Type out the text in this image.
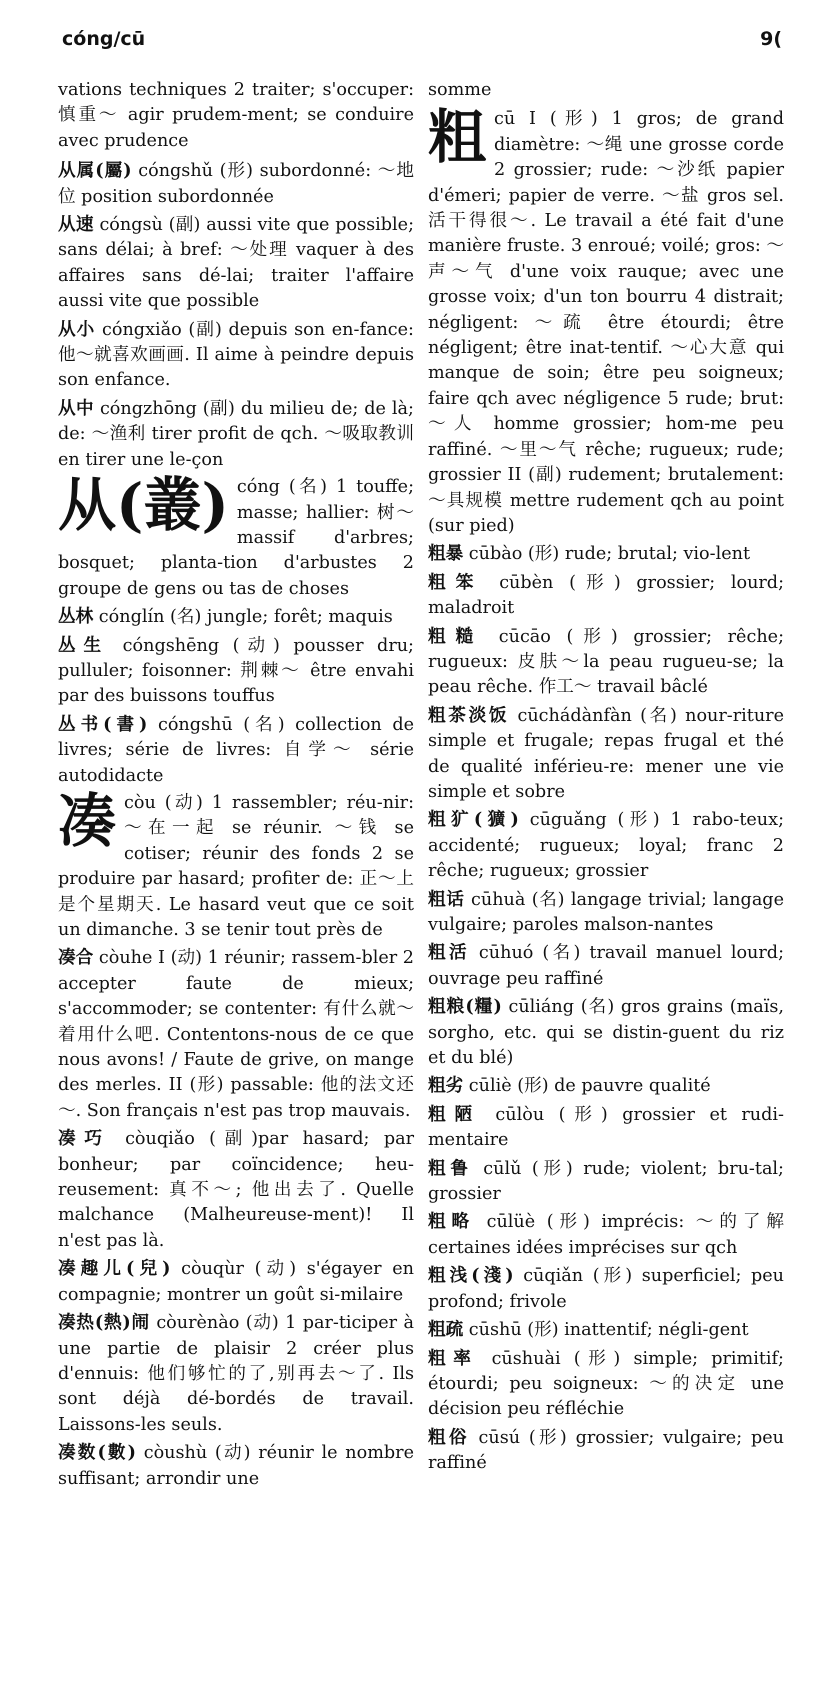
cóng/cū	9(
vations techniques 2 traiter; s'occuper: 慎重～ agir prudem-ment; se conduire avec prudence
从属(屬) cóngshǔ (形) subordonné: ～地位 position subordonnée
从速 cóngsù (副) aussi vite que possible; sans délai; à bref: ～处理 vaquer à des affaires sans dé-lai; traiter l'affaire aussi vite que possible
从小 cóngxiǎo (副) depuis son en-fance: 他～就喜欢画画. Il aime à peindre depuis son enfance.
从中 cóngzhōng (副) du milieu de; de là; de: ～渔利 tirer profit de qch. ～吸取教训 en tirer une le-çon
从(叢) cóng (名) 1 touffe; masse; hallier: 树～ massif d'arbres; bosquet; planta-tion d'arbustes 2 groupe de gens ou tas de choses
丛林 cónglín (名) jungle; forêt; maquis
丛生 cóngshēng (动) pousser dru; pulluler; foisonner: 荆棘～ être envahi par des buissons touffus
丛书(書) cóngshū (名) collection de livres; série de livres: 自学～ série autodidacte
凑 còu (动) 1 rassembler; réu-nir: ～在一起 se réunir. ～钱 se cotiser; réunir des fonds 2 se produire par hasard; profiter de: 正～上是个星期天. Le hasard veut que ce soit un dimanche. 3 se tenir tout près de
凑合 còuhe I (动) 1 réunir; rassem-bler 2 accepter faute de mieux; s'accommoder; se contenter: 有什么就～着用什么吧. Contentons-nous de ce que nous avons! / Faute de grive, on mange des merles. II (形) passable: 他的法文还～. Son français n'est pas trop mauvais.
凑巧 còuqiǎo (副)par hasard; par bonheur; par coïncidence; heu-reusement: 真不～; 他出去了. Quelle malchance (Malheureuse-ment)! Il n'est pas là.
凑趣儿(兒) còuqùr (动) s'égayer en compagnie; montrer un goût si-milaire
凑热(熱)闹 còurènào (动) 1 par-ticiper à une partie de plaisir 2 créer plus d'ennuis: 他们够忙的了,别再去～了. Ils sont déjà dé-bordés de travail. Laissons-les seuls.
凑数(數) còushù (动) réunir le nombre suffisant; arrondir une
somme
粗 cū I (形) 1 gros; de grand diamètre: ～绳 une grosse corde 2 grossier; rude: ～沙纸 papier d'émeri; papier de verre. ～盐 gros sel. 活干得很～. Le travail a été fait d'une manière fruste. 3 enroué; voilé; gros: ～声～气 d'une voix rauque; avec une grosse voix; d'un ton bourru 4 distrait; négligent: ～疏 être étourdi; être négligent; être inat-tentif. ～心大意 qui manque de soin; être peu soigneux; faire qch avec négligence 5 rude; brut: ～人 homme grossier; hom-me peu raffiné. ～里～气 rêche; rugueux; rude; grossier II (副) rudement; brutalement: ～具规模 mettre rudement qch au point (sur pied)
粗暴 cūbào (形) rude; brutal; vio-lent
粗笨 cūbèn (形) grossier; lourd; maladroit
粗糙 cūcāo (形) grossier; rêche; rugueux: 皮肤～la peau rugueu-se; la peau rêche. 作工～ travail bâclé
粗茶淡饭 cūchádànfàn (名) nour-riture simple et frugale; repas frugal et thé de qualité inférieu-re: mener une vie simple et sobre
粗犷(獷) cūguǎng (形) 1 rabo-teux; accidenté; rugueux; loyal; franc 2 rêche; rugueux; grossier
粗话 cūhuà (名) langage trivial; langage vulgaire; paroles malson-nantes
粗活 cūhuó (名) travail manuel lourd; ouvrage peu raffiné
粗粮(糧) cūliáng (名) gros grains (maïs, sorgho, etc. qui se distin-guent du riz et du blé)
粗劣 cūliè (形) de pauvre qualité
粗陋 cūlòu (形) grossier et rudi-mentaire
粗鲁 cūlǔ (形) rude; violent; bru-tal; grossier
粗略 cūlüè (形) imprécis: ～的了解 certaines idées imprécises sur qch
粗浅(淺) cūqiǎn (形) superficiel; peu profond; frivole
粗疏 cūshū (形) inattentif; négli-gent
粗率 cūshuài (形) simple; primitif; étourdi; peu soigneux: ～的决定 une décision peu réfléchie
粗俗 cūsú (形) grossier; vulgaire; peu raffiné
